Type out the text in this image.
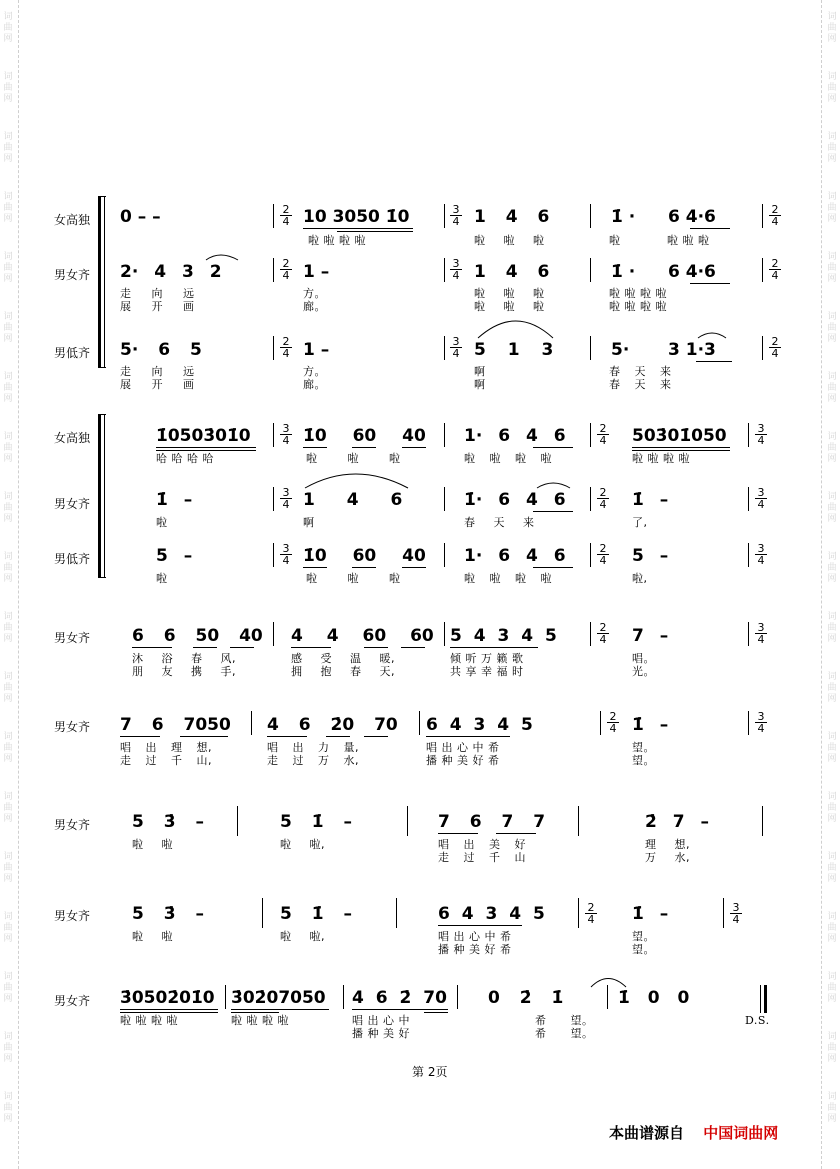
词
曲
网
词
曲
网
词
曲
网
词
曲
网
词
曲
网
词
曲
网
词
曲
网
词
曲
网
词
曲
网
词
曲
网
词
曲
网
词
曲
网
词
曲
网
词
曲
网
词
曲
网
词
曲
网
词
曲
网
词
曲
网
词
曲
网
词
曲
网
词
曲
网
词
曲
网
词
曲
网
词
曲
网
词
曲
网
词
曲
网
词
曲
网
词
曲
网
词
曲
网
词
曲
网
词
曲
网
词
曲
网
词
曲
网
词
曲
网
词
曲
网
词
曲
网
词
曲
网
词
曲
网
女高独
男女齐
男低齐
0 – –	2
4 10 3050 1̇0
啦 啦 啦 啦
3
4 1 4 6
啦 啦 啦
1̇ · 6 4·6
啦	啦 啦 啦
2
4
2· 4 3 2
走 向 远
展 开 画
2
4 1 –
方。
廊。
3
4 1 4 6
啦 啦 啦
啦 啦 啦
1̇ · 6 4·6
啦 啦 啦 啦
啦 啦 啦 啦
2
4
5· 6 5
走 向 远
展 开 画
2
4 1 –
方。
廊。
3
4 5 1 3
啊
啊
5· 3 1·3
春 天 来
春 天 来
2
4
女高独
男女齐
男低齐
1̇0503̇01̇0
哈 哈 哈 哈
3
4 1̇0 60 40
啦 啦 啦
1· 6 4 6
啦 啦 啦 啦
2
4 503̇01̇050
啦 啦 啦 啦
3
4
1̇ –
啦
3
4 1 4 6
啊
1̇· 6 4 6
春 天 来
2
4 1̇ –
了,
3
4
5 –
啦
3
4 1̇0 60 40
啦 啦 啦
1· 6 4 6
啦 啦 啦 啦
2
4 5 –
啦,
3
4
男女齐 6 6 50 40
沐 浴 春 风,
朋 友 携 手,
4 4 60 60
感 受 温 暖,
拥 抱 春 天,
5 4 3 4 5
倾 听 万 籁 歌
共 享 幸 福 时
2
4 7 –
唱。
光。
3
4
男女齐 7 6 7050
唱 出 理 想,
走 过 千 山,
4 6 2̇0 70
唱 出 力 量,
走 过 万 水,
6 4 3 4 5
唱 出 心 中 希
播 种 美 好 希
2
4 1̇ –
望。
望。
3
4
男女齐 5 3̇ –
啦 啦
5 1̇ –
啦 啦,
7 6 7 7
唱 出 美 好
走 过 千 山
2̇ 7 –
理 想,
万 水,
男女齐 5 3̇ –
啦 啦
5 1̇ –
啦 啦,
6 4 3 4 5
唱 出 心 中 希
播 种 美 好 希
2
4 1̇ –
望。
望。
3
4
男女齐 3̇0502̇01̇0
啦 啦 啦 啦
3̇02̇07050
啦 啦 啦 啦
4 6 2̇ 70
唱 出 心 中
播 种 美 好
0 2̇ 1̇
希 望。
希 望。
1̇ 0 0
D.S.
第 2页
本曲谱源自 中国词曲网
